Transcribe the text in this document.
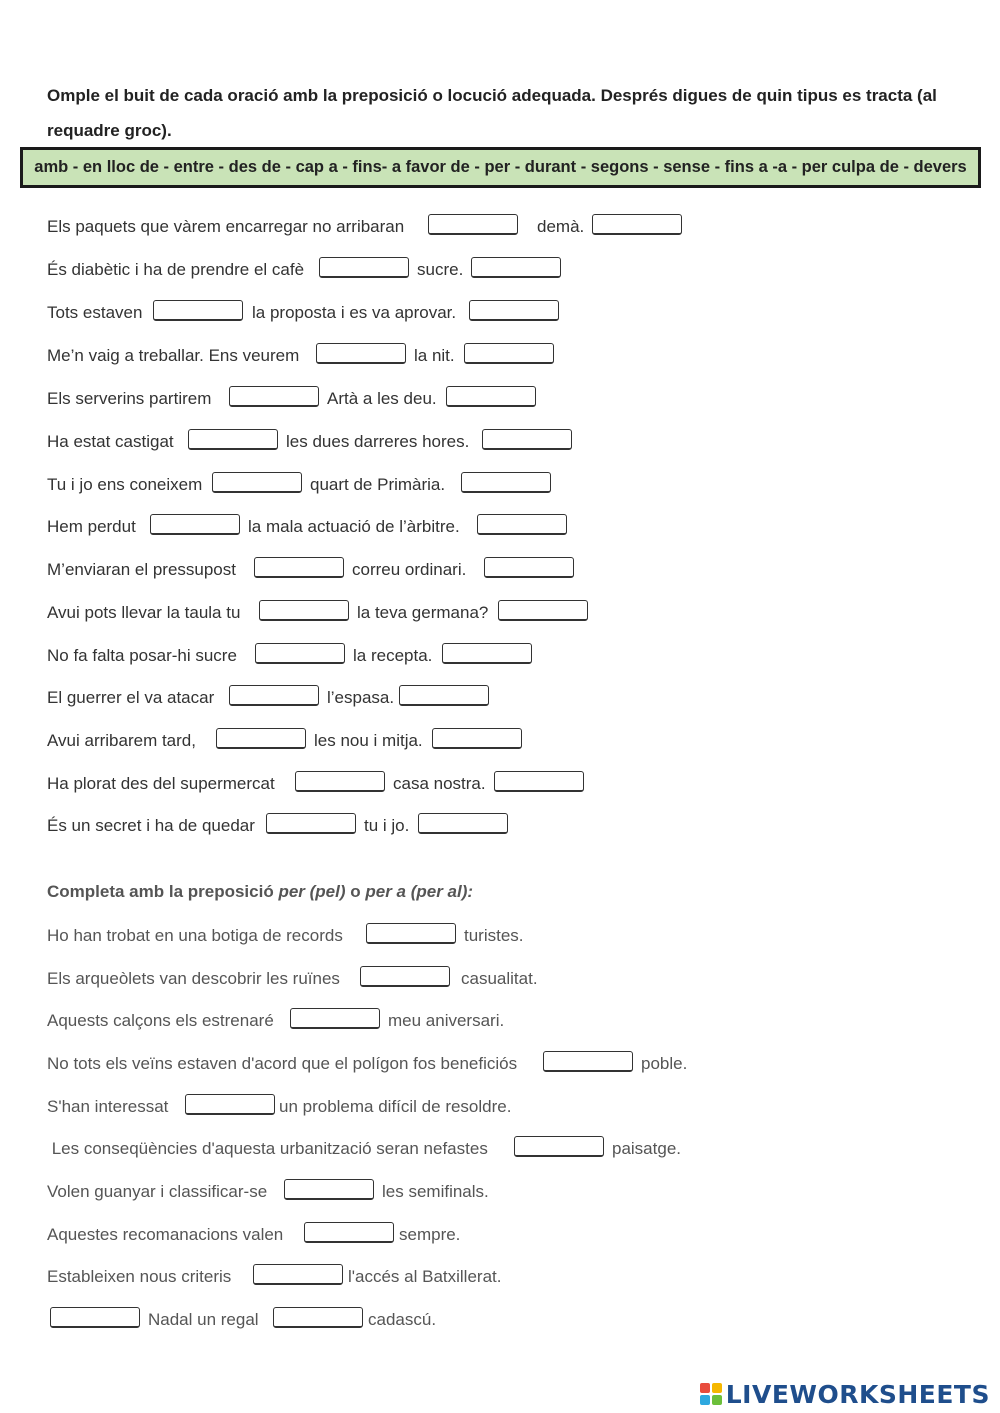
Omple el buit de cada oració amb la preposició o locució adequada. Després digues de quin tipus es tracta (al requadre groc).
amb - en lloc de - entre - des de - cap a - fins- a favor de - per - durant - segons - sense - fins a -a - per culpa de - devers
Els paquets que vàrem encarregar no arribaran	demà.
És diabètic i ha de prendre el cafè	sucre.
Tots estaven	la proposta i es va aprovar.
Me’n vaig a treballar. Ens veurem	la nit.
Els serverins partirem	Artà a les deu.
Ha estat castigat	les dues darreres hores.
Tu i jo ens coneixem	quart de Primària.
Hem perdut	la mala actuació de l’àrbitre.
M’enviaran el pressupost	correu ordinari.
Avui pots llevar la taula tu	la teva germana?
No fa falta posar-hi sucre	la recepta.
El guerrer el va atacar	l’espasa.
Avui arribarem tard,	les nou i mitja.
Ha plorat des del supermercat	casa nostra.
És un secret i ha de quedar	tu i jo.
Completa amb la preposició per (pel) o per a (per al):
Ho han trobat en una botiga de records	turistes.
Els arqueòlets van descobrir les ruïnes	casualitat.
Aquests calçons els estrenaré	meu aniversari.
No tots els veïns estaven d'acord que el polígon fos beneficiós	poble.
S'han interessat	un problema difícil de resoldre.
Les conseqüències d'aquesta urbanització seran nefastes	paisatge.
Volen guanyar i classificar-se	les semifinals.
Aquestes recomanacions valen	sempre.
Estableixen nous criteris	l'accés al Batxillerat.
Nadal un regal	cadascú.
LIVEWORKSHEETS
